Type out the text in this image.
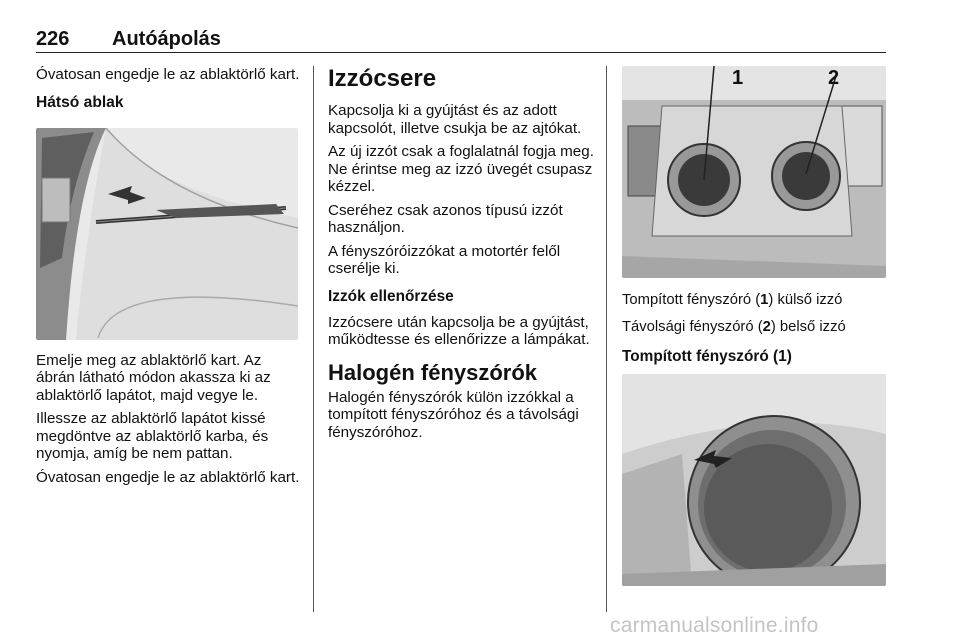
226 Autóápolás

Óvatosan engedje le az ablaktörlő kart.

Hátsó ablak

Emelje meg az ablaktörlő kart. Az ábrán látható módon akassza ki az ablaktörlő lapátot, majd vegye le.

Illessze az ablaktörlő lapátot kissé megdöntve az ablaktörlő karba, és nyomja, amíg be nem pattan.

Óvatosan engedje le az ablaktörlő kart.

Izzócsere

Kapcsolja ki a gyújtást és az adott kapcsolót, illetve csukja be az ajtókat.

Az új izzót csak a foglalatnál fogja meg. Ne érintse meg az izzó üvegét csupasz kézzel.

Cseréhez csak azonos típusú izzót használjon.

A fényszóróizzókat a motortér felől cserélje ki.

Izzók ellenőrzése

Izzócsere után kapcsolja be a gyújtást, működtesse és ellenőrizze a lámpákat.

Halogén fényszórók

Halogén fényszórók külön izzókkal a tompított fényszóróhoz és a távolsági fényszóróhoz.

1	2

Tompított fényszóró (1) külső izzó

Távolsági fényszóró (2) belső izzó

Tompított fényszóró (1)
carmanualsonline.info
